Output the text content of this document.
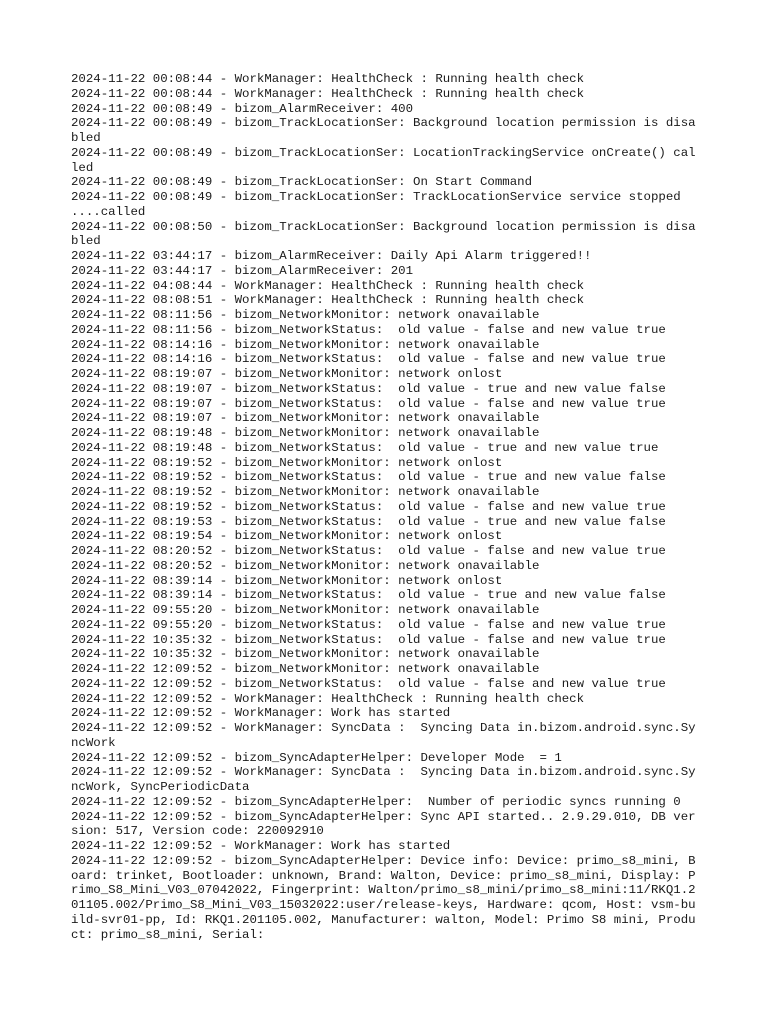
2024-11-22 00:08:44 - WorkManager: HealthCheck : Running health check

2024-11-22 00:08:44 - WorkManager: HealthCheck : Running health check

2024-11-22 00:08:49 - bizom_AlarmReceiver: 400

2024-11-22 00:08:49 - bizom_TrackLocationSer: Background location permission is disabled

2024-11-22 00:08:49 - bizom_TrackLocationSer: LocationTrackingService onCreate() called

2024-11-22 00:08:49 - bizom_TrackLocationSer: On Start Command

2024-11-22 00:08:49 - bizom_TrackLocationSer: TrackLocationService service stopped ....called

2024-11-22 00:08:50 - bizom_TrackLocationSer: Background location permission is disabled

2024-11-22 03:44:17 - bizom_AlarmReceiver: Daily Api Alarm triggered!!

2024-11-22 03:44:17 - bizom_AlarmReceiver: 201

2024-11-22 04:08:44 - WorkManager: HealthCheck : Running health check

2024-11-22 08:08:51 - WorkManager: HealthCheck : Running health check

2024-11-22 08:11:56 - bizom_NetworkMonitor: network onavailable

2024-11-22 08:11:56 - bizom_NetworkStatus:  old value - false and new value true

2024-11-22 08:14:16 - bizom_NetworkMonitor: network onavailable

2024-11-22 08:14:16 - bizom_NetworkStatus:  old value - false and new value true

2024-11-22 08:19:07 - bizom_NetworkMonitor: network onlost

2024-11-22 08:19:07 - bizom_NetworkStatus:  old value - true and new value false

2024-11-22 08:19:07 - bizom_NetworkStatus:  old value - false and new value true

2024-11-22 08:19:07 - bizom_NetworkMonitor: network onavailable

2024-11-22 08:19:48 - bizom_NetworkMonitor: network onavailable

2024-11-22 08:19:48 - bizom_NetworkStatus:  old value - true and new value true

2024-11-22 08:19:52 - bizom_NetworkMonitor: network onlost

2024-11-22 08:19:52 - bizom_NetworkStatus:  old value - true and new value false

2024-11-22 08:19:52 - bizom_NetworkMonitor: network onavailable

2024-11-22 08:19:52 - bizom_NetworkStatus:  old value - false and new value true

2024-11-22 08:19:53 - bizom_NetworkStatus:  old value - true and new value false

2024-11-22 08:19:54 - bizom_NetworkMonitor: network onlost

2024-11-22 08:20:52 - bizom_NetworkStatus:  old value - false and new value true

2024-11-22 08:20:52 - bizom_NetworkMonitor: network onavailable

2024-11-22 08:39:14 - bizom_NetworkMonitor: network onlost

2024-11-22 08:39:14 - bizom_NetworkStatus:  old value - true and new value false

2024-11-22 09:55:20 - bizom_NetworkMonitor: network onavailable

2024-11-22 09:55:20 - bizom_NetworkStatus:  old value - false and new value true

2024-11-22 10:35:32 - bizom_NetworkStatus:  old value - false and new value true

2024-11-22 10:35:32 - bizom_NetworkMonitor: network onavailable

2024-11-22 12:09:52 - bizom_NetworkMonitor: network onavailable

2024-11-22 12:09:52 - bizom_NetworkStatus:  old value - false and new value true

2024-11-22 12:09:52 - WorkManager: HealthCheck : Running health check

2024-11-22 12:09:52 - WorkManager: Work has started

2024-11-22 12:09:52 - WorkManager: SyncData :  Syncing Data in.bizom.android.sync.SyncWork

2024-11-22 12:09:52 - bizom_SyncAdapterHelper: Developer Mode  = 1

2024-11-22 12:09:52 - WorkManager: SyncData :  Syncing Data in.bizom.android.sync.SyncWork, SyncPeriodicData

2024-11-22 12:09:52 - bizom_SyncAdapterHelper:  Number of periodic syncs running 0

2024-11-22 12:09:52 - bizom_SyncAdapterHelper: Sync API started.. 2.9.29.010, DB version: 517, Version code: 220092910

2024-11-22 12:09:52 - WorkManager: Work has started

2024-11-22 12:09:52 - bizom_SyncAdapterHelper: Device info: Device: primo_s8_mini, Board: trinket, Bootloader: unknown, Brand: Walton, Device: primo_s8_mini, Display: Primo_S8_Mini_V03_07042022, Fingerprint: Walton/primo_s8_mini/primo_s8_mini:11/RKQ1.201105.002/Primo_S8_Mini_V03_15032022:user/release-keys, Hardware: qcom, Host: vsm-build-svr01-pp, Id: RKQ1.201105.002, Manufacturer: walton, Model: Primo S8 mini, Product: primo_s8_mini, Serial:
